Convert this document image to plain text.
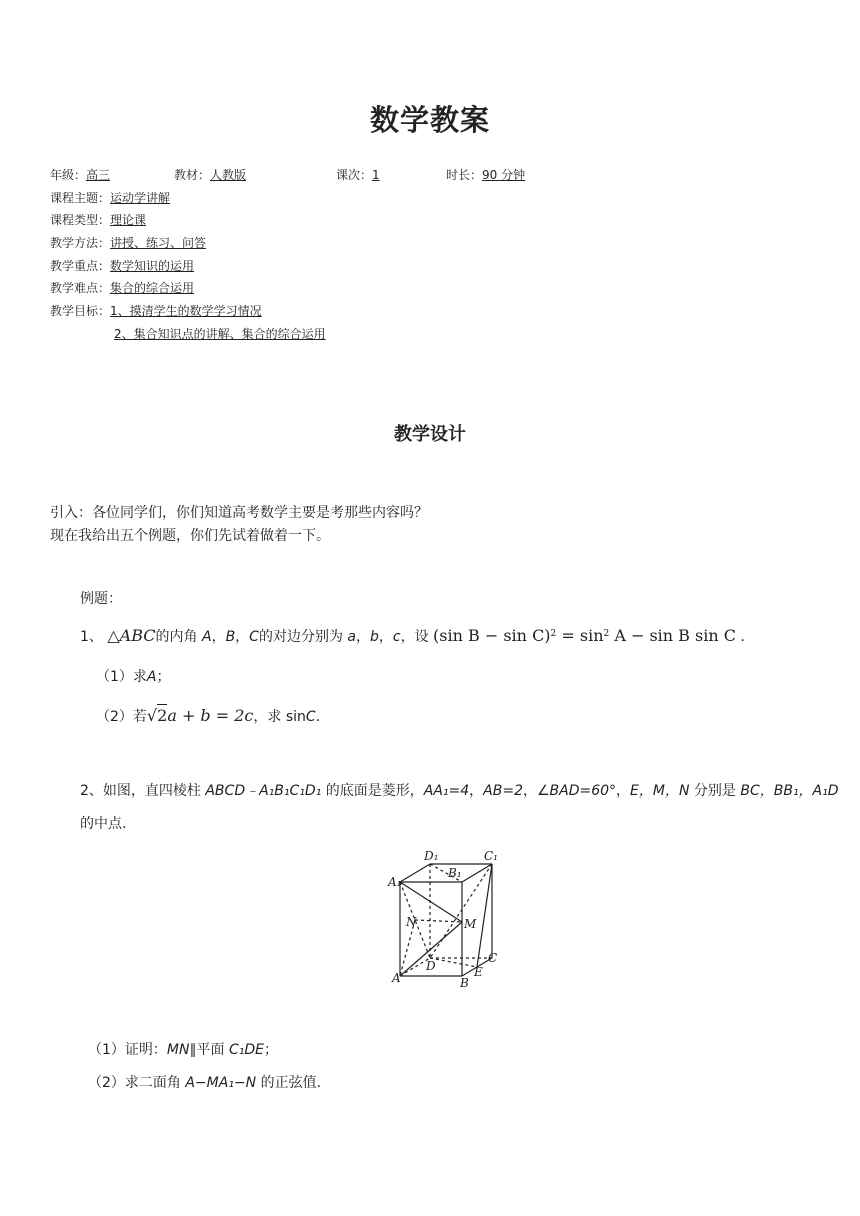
数学教案
年级：高三	教材：人教版	课次：1	时长：90 分钟
课程主题：运动学讲解
课程类型：理论课
教学方法：讲授、练习、问答
教学重点：数学知识的运用
教学难点：集合的综合运用
教学目标：1、摸清学生的数学学习情况
2、集合知识点的讲解、集合的综合运用
教学设计
引入：各位同学们，你们知道高考数学主要是考那些内容吗？
现在我给出五个例题，你们先试着做着一下。
例题：
1、 △ABC的内角 A，B，C的对边分别为 a，b，c，设 (sin $B - \sin C)^2 = \sin^2 A - \sin B$ sin C ．
（1）求A；
（2）若√2a + b = 2c，求 sinC.
2、如图，直四棱柱 ABCD﹣A₁B₁C₁D₁ 的底面是菱形，AA₁=4，AB=2，∠BAD=60°，E，M，N 分别是 BC，BB₁，A₁D
的中点.
A₁
D₁	C₁
B₁
N	M
D
C
E
B
A
（1）证明：MN∥平面 C₁DE；
（2）求二面角 A−MA₁−N 的正弦值.
